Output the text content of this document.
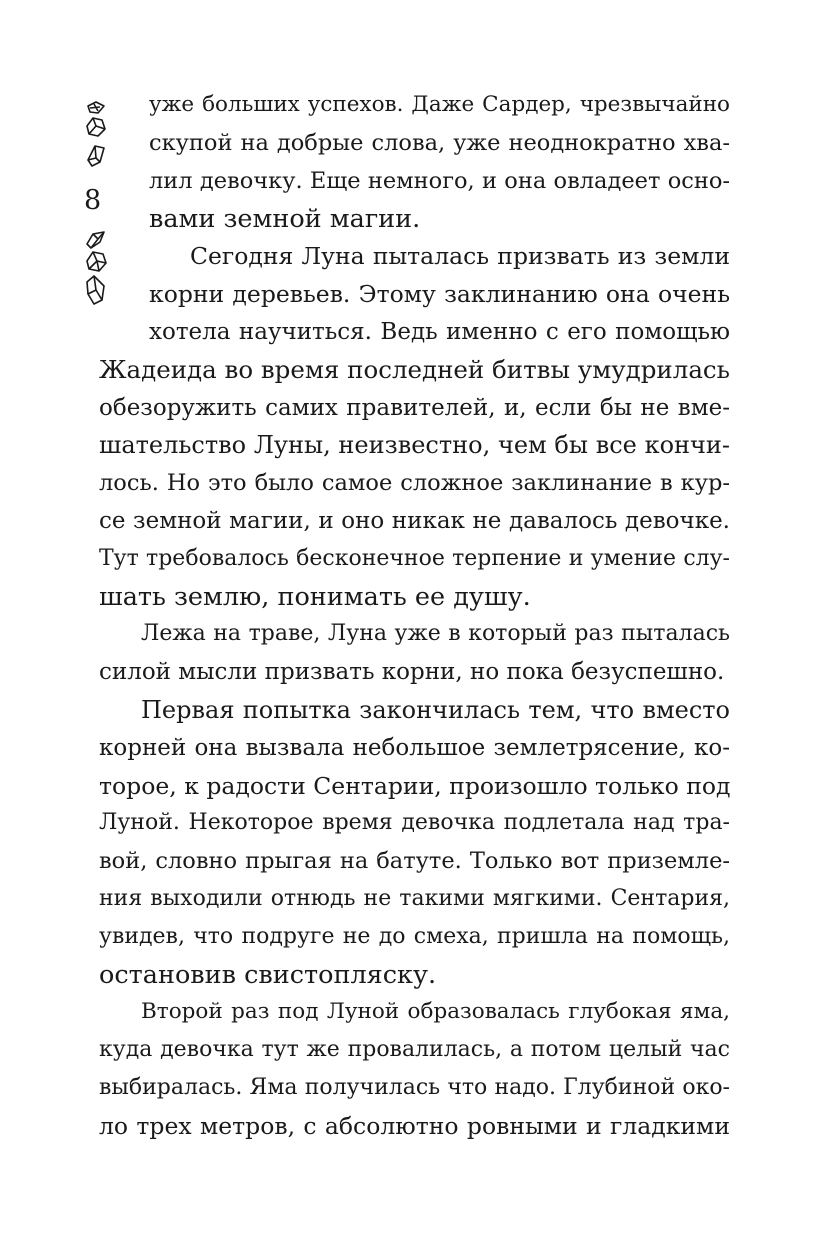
8
уже больших успехов. Даже Сардер, чрезвычайно
скупой на добрые слова, уже неоднократно хва-
лил девочку. Еще немного, и она овладеет осно-
вами земной магии.
Сегодня Луна пыталась призвать из земли
корни деревьев. Этому заклинанию она очень
хотела научиться. Ведь именно с его помощью
Жадеида во время последней битвы умудрилась
обезоружить самих правителей, и, если бы не вме-
шательство Луны, неизвестно, чем бы все кончи-
лось. Но это было самое сложное заклинание в кур-
се земной магии, и оно никак не давалось девочке.
Тут требовалось бесконечное терпение и умение слу-
шать землю, понимать ее душу.
Лежа на траве, Луна уже в который раз пыталась
силой мысли призвать корни, но пока безуспешно.
Первая попытка закончилась тем, что вместо
корней она вызвала небольшое землетрясение, ко-
торое, к радости Сентарии, произошло только под
Луной. Некоторое время девочка подлетала над тра-
вой, словно прыгая на батуте. Только вот приземле-
ния выходили отнюдь не такими мягкими. Сентария,
увидев, что подруге не до смеха, пришла на помощь,
остановив свистопляску.
Второй раз под Луной образовалась глубокая яма,
куда девочка тут же провалилась, а потом целый час
выбиралась. Яма получилась что надо. Глубиной око-
ло трех метров, с абсолютно ровными и гладкими
